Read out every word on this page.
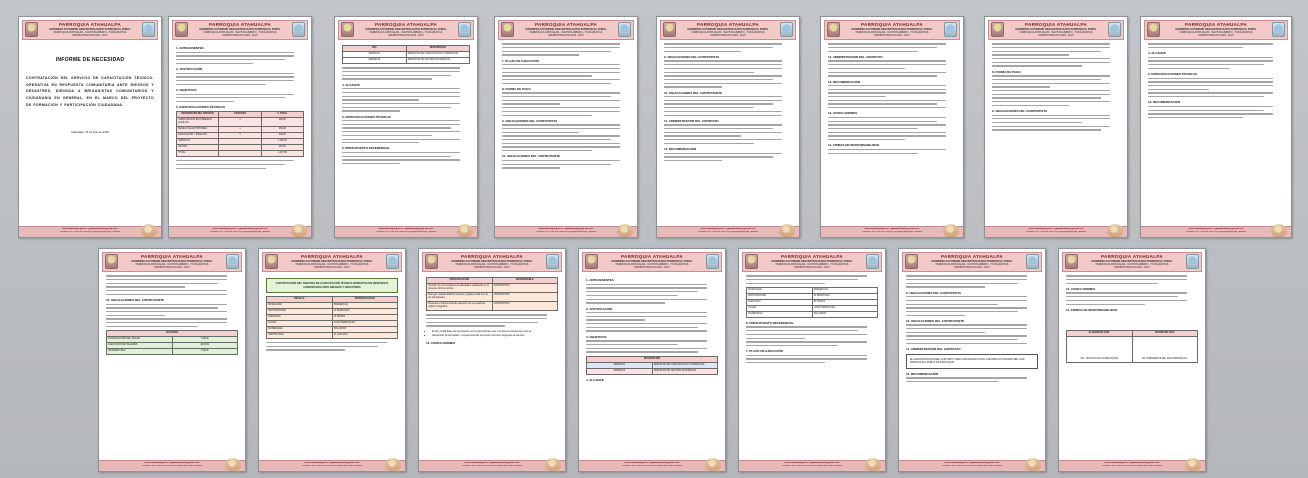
PARROQUIA ATAHUALPA
GOBIERNO AUTONOMO DESCENTRALIZADO PARROQUIAL RURAL
PARROQUIA ATAHUALPA - CANTON AMBATO - TUNGURAHUA
ADMINISTRACION 2023 - 2027
INFORME DE NECESIDAD
CONTRATACIÓN DEL SERVICIO DE CAPACITACIÓN TÉCNICO-OPERATIVA EN RESPUESTA COMUNITARIA ANTE RIESGOS Y DESASTRES, DIRIGIDA A BRIGADISTAS COMUNITARIOS Y CIUDADANÍA EN GENERAL, EN EL MARCO DEL PROYECTO DE FORMACIÓN Y PARTICIPACIÓN CIUDADANA.
Atahualpa, 15 de julio de 2025
www.atahualpa.gob.ec | gadatahualpa@gmail.com
Telefonos: 032 2840149 Direccion: parroquia Atahualpa - Ambato
PARROQUIA ATAHUALPA
GOBIERNO AUTONOMO DESCENTRALIZADO PARROQUIAL RURAL
PARROQUIA ATAHUALPA - CANTON AMBATO - TUNGURAHUA
ADMINISTRACION 2023 - 2027
1. ANTECEDENTES
2. JUSTIFICACIÓN
3. OBJETIVOS
5. ESPECIFICACIONES TÉCNICAS
DESCRIPCIÓN DEL SERVICIO	CANTIDAD	V. TOTAL
CAPACITACIÓN EN PRIMEROS AUXILIOS	1	450,00
MANEJO DE EXTINTORES	1	380,00
EVACUACIÓN Y RESCATE	1	420,00
SUBTOTAL		1.250,00
IVA 15%		187,50
TOTAL		1.437,50
www.atahualpa.gob.ec | gadatahualpa@gmail.com
Telefonos: 032 2840149 Direccion: parroquia Atahualpa - Ambato
PARROQUIA ATAHUALPA
GOBIERNO AUTONOMO DESCENTRALIZADO PARROQUIAL RURAL
PARROQUIA ATAHUALPA - CANTON AMBATO - TUNGURAHUA
ADMINISTRACION 2023 - 2027
CPC	DESCRIPCIÓN
929900011	SERVICIOS DE CAPACITACIÓN Y FORMACIÓN
929900012	SERVICIOS DE GESTIÓN DE RIESGOS
4. ALCANCE
5. ESPECIFICACIONES TÉCNICAS
6. PRESUPUESTO REFERENCIAL
www.atahualpa.gob.ec | gadatahualpa@gmail.com
Telefonos: 032 2840149 Direccion: parroquia Atahualpa - Ambato
PARROQUIA ATAHUALPA
GOBIERNO AUTONOMO DESCENTRALIZADO PARROQUIAL RURAL
PARROQUIA ATAHUALPA - CANTON AMBATO - TUNGURAHUA
ADMINISTRACION 2023 - 2027
7. PLAZO DE EJECUCIÓN
8. FORMA DE PAGO
9. OBLIGACIONES DEL CONTRATISTA
10. OBLIGACIONES DEL CONTRATANTE
www.atahualpa.gob.ec | gadatahualpa@gmail.com
Telefonos: 032 2840149 Direccion: parroquia Atahualpa - Ambato
PARROQUIA ATAHUALPA
GOBIERNO AUTONOMO DESCENTRALIZADO PARROQUIAL RURAL
PARROQUIA ATAHUALPA - CANTON AMBATO - TUNGURAHUA
ADMINISTRACION 2023 - 2027
9. OBLIGACIONES DEL CONTRATISTA
10. OBLIGACIONES DEL CONTRATANTE
11. ADMINISTRADOR DEL CONTRATO
12. RECOMENDACIÓN
www.atahualpa.gob.ec | gadatahualpa@gmail.com
Telefonos: 032 2840149 Direccion: parroquia Atahualpa - Ambato
PARROQUIA ATAHUALPA
GOBIERNO AUTONOMO DESCENTRALIZADO PARROQUIAL RURAL
PARROQUIA ATAHUALPA - CANTON AMBATO - TUNGURAHUA
ADMINISTRACION 2023 - 2027
11. ADMINISTRADOR DEL CONTRATO
12. RECOMENDACIÓN
13. CONCLUSIONES
14. FIRMAS DE RESPONSABILIDAD
www.atahualpa.gob.ec | gadatahualpa@gmail.com
Telefonos: 032 2840149 Direccion: parroquia Atahualpa - Ambato
PARROQUIA ATAHUALPA
GOBIERNO AUTONOMO DESCENTRALIZADO PARROQUIAL RURAL
PARROQUIA ATAHUALPA - CANTON AMBATO - TUNGURAHUA
ADMINISTRACION 2023 - 2027
8. FORMA DE PAGO
9. OBLIGACIONES DEL CONTRATISTA
www.atahualpa.gob.ec | gadatahualpa@gmail.com
Telefonos: 032 2840149 Direccion: parroquia Atahualpa - Ambato
PARROQUIA ATAHUALPA
GOBIERNO AUTONOMO DESCENTRALIZADO PARROQUIAL RURAL
PARROQUIA ATAHUALPA - CANTON AMBATO - TUNGURAHUA
ADMINISTRACION 2023 - 2027
4. ALCANCE
5. ESPECIFICACIONES TÉCNICAS
12. RECOMENDACIÓN
www.atahualpa.gob.ec | gadatahualpa@gmail.com
Telefonos: 032 2840149 Direccion: parroquia Atahualpa - Ambato
PARROQUIA ATAHUALPA
GOBIERNO AUTONOMO DESCENTRALIZADO PARROQUIAL RURAL
PARROQUIA ATAHUALPA - CANTON AMBATO - TUNGURAHUA
ADMINISTRACION 2023 - 2027
10. OBLIGACIONES DEL CONTRATANTE
ACTIVIDAD	
PLANIFICACIÓN DEL TALLER	5 DÍAS
EJECUCIÓN DE TALLERES	20 DÍAS
INFORME FINAL	5 DÍAS
www.atahualpa.gob.ec | gadatahualpa@gmail.com
Telefonos: 032 2840149 Direccion: parroquia Atahualpa - Ambato
PARROQUIA ATAHUALPA
GOBIERNO AUTONOMO DESCENTRALIZADO PARROQUIAL RURAL
PARROQUIA ATAHUALPA - CANTON AMBATO - TUNGURAHUA
ADMINISTRACION 2023 - 2027
CONTRATACIÓN DEL SERVICIO DE CAPACITACIÓN TÉCNICO-OPERATIVA EN RESPUESTA COMUNITARIA ANTE RIESGOS Y DESASTRES
DETALLE	ESPECIFICACIÓN
MODALIDAD	PRESENCIAL
PARTICIPANTES	40 PERSONAS
DURACIÓN	30 HORAS
LUGAR	CASA PARROQUIAL
MATERIALES	INCLUIDOS
CERTIFICADO	SÍ, AVALADO
www.atahualpa.gob.ec | gadatahualpa@gmail.com
Telefonos: 032 2840149 Direccion: parroquia Atahualpa - Ambato
PARROQUIA ATAHUALPA
GOBIERNO AUTONOMO DESCENTRALIZADO PARROQUIAL RURAL
PARROQUIA ATAHUALPA - CANTON AMBATO - TUNGURAHUA
ADMINISTRACION 2023 - 2027
ESPECIFICACIÓN	RESPONSABLE
Cumplir con el cronograma de actividades establecido en el presente informe técnico.	CONTRATISTA
Entregar material didáctico impreso y digital a cada uno de los participantes.	CONTRATISTA
Presentar el informe final de ejecución con el respectivo registro fotográfico.	CONTRATISTA
• Emitir certificados de aprobación a los participantes que cumplan la asistencia mínima.
• Garantizar la idoneidad y experiencia del personal instructor asignado al servicio.
13. CONCLUSIONES
www.atahualpa.gob.ec | gadatahualpa@gmail.com
Telefonos: 032 2840149 Direccion: parroquia Atahualpa - Ambato
PARROQUIA ATAHUALPA
GOBIERNO AUTONOMO DESCENTRALIZADO PARROQUIAL RURAL
PARROQUIA ATAHUALPA - CANTON AMBATO - TUNGURAHUA
ADMINISTRACION 2023 - 2027
1. ANTECEDENTES
2. JUSTIFICACIÓN
3. OBJETIVOS
DESCRIPCIÓN	
929900011	SERVICIOS DE CAPACITACIÓN Y FORMACIÓN
929900012	SERVICIOS DE GESTIÓN DE RIESGOS
4. ALCANCE
www.atahualpa.gob.ec | gadatahualpa@gmail.com
Telefonos: 032 2840149 Direccion: parroquia Atahualpa - Ambato
PARROQUIA ATAHUALPA
GOBIERNO AUTONOMO DESCENTRALIZADO PARROQUIAL RURAL
PARROQUIA ATAHUALPA - CANTON AMBATO - TUNGURAHUA
ADMINISTRACION 2023 - 2027
MODALIDAD	PRESENCIAL
PARTICIPANTES	40 PERSONAS
DURACIÓN	30 HORAS
LUGAR	CASA PARROQUIAL
MATERIALES	INCLUIDOS
6. PRESUPUESTO REFERENCIAL
7. PLAZO DE EJECUCIÓN
www.atahualpa.gob.ec | gadatahualpa@gmail.com
Telefonos: 032 2840149 Direccion: parroquia Atahualpa - Ambato
PARROQUIA ATAHUALPA
GOBIERNO AUTONOMO DESCENTRALIZADO PARROQUIAL RURAL
PARROQUIA ATAHUALPA - CANTON AMBATO - TUNGURAHUA
ADMINISTRACION 2023 - 2027
9. OBLIGACIONES DEL CONTRATISTA
10. OBLIGACIONES DEL CONTRATANTE
11. ADMINISTRADOR DEL CONTRATO
EL ADMINISTRADOR DEL CONTRATO SERÁ DESIGNADO POR LA MÁXIMA AUTORIDAD DEL GAD PARROQUIAL RURAL DE ATAHUALPA.
12. RECOMENDACIÓN
www.atahualpa.gob.ec | gadatahualpa@gmail.com
Telefonos: 032 2840149 Direccion: parroquia Atahualpa - Ambato
PARROQUIA ATAHUALPA
GOBIERNO AUTONOMO DESCENTRALIZADO PARROQUIAL RURAL
PARROQUIA ATAHUALPA - CANTON AMBATO - TUNGURAHUA
ADMINISTRACION 2023 - 2027
13. CONCLUSIONES
14. FIRMAS DE RESPONSABILIDAD
ELABORADO POR:	APROBADO POR:
ING. TÉCNICO DE PLANIFICACIÓN	SR. PRESIDENTE DEL GAD PARROQUIAL
www.atahualpa.gob.ec | gadatahualpa@gmail.com
Telefonos: 032 2840149 Direccion: parroquia Atahualpa - Ambato
